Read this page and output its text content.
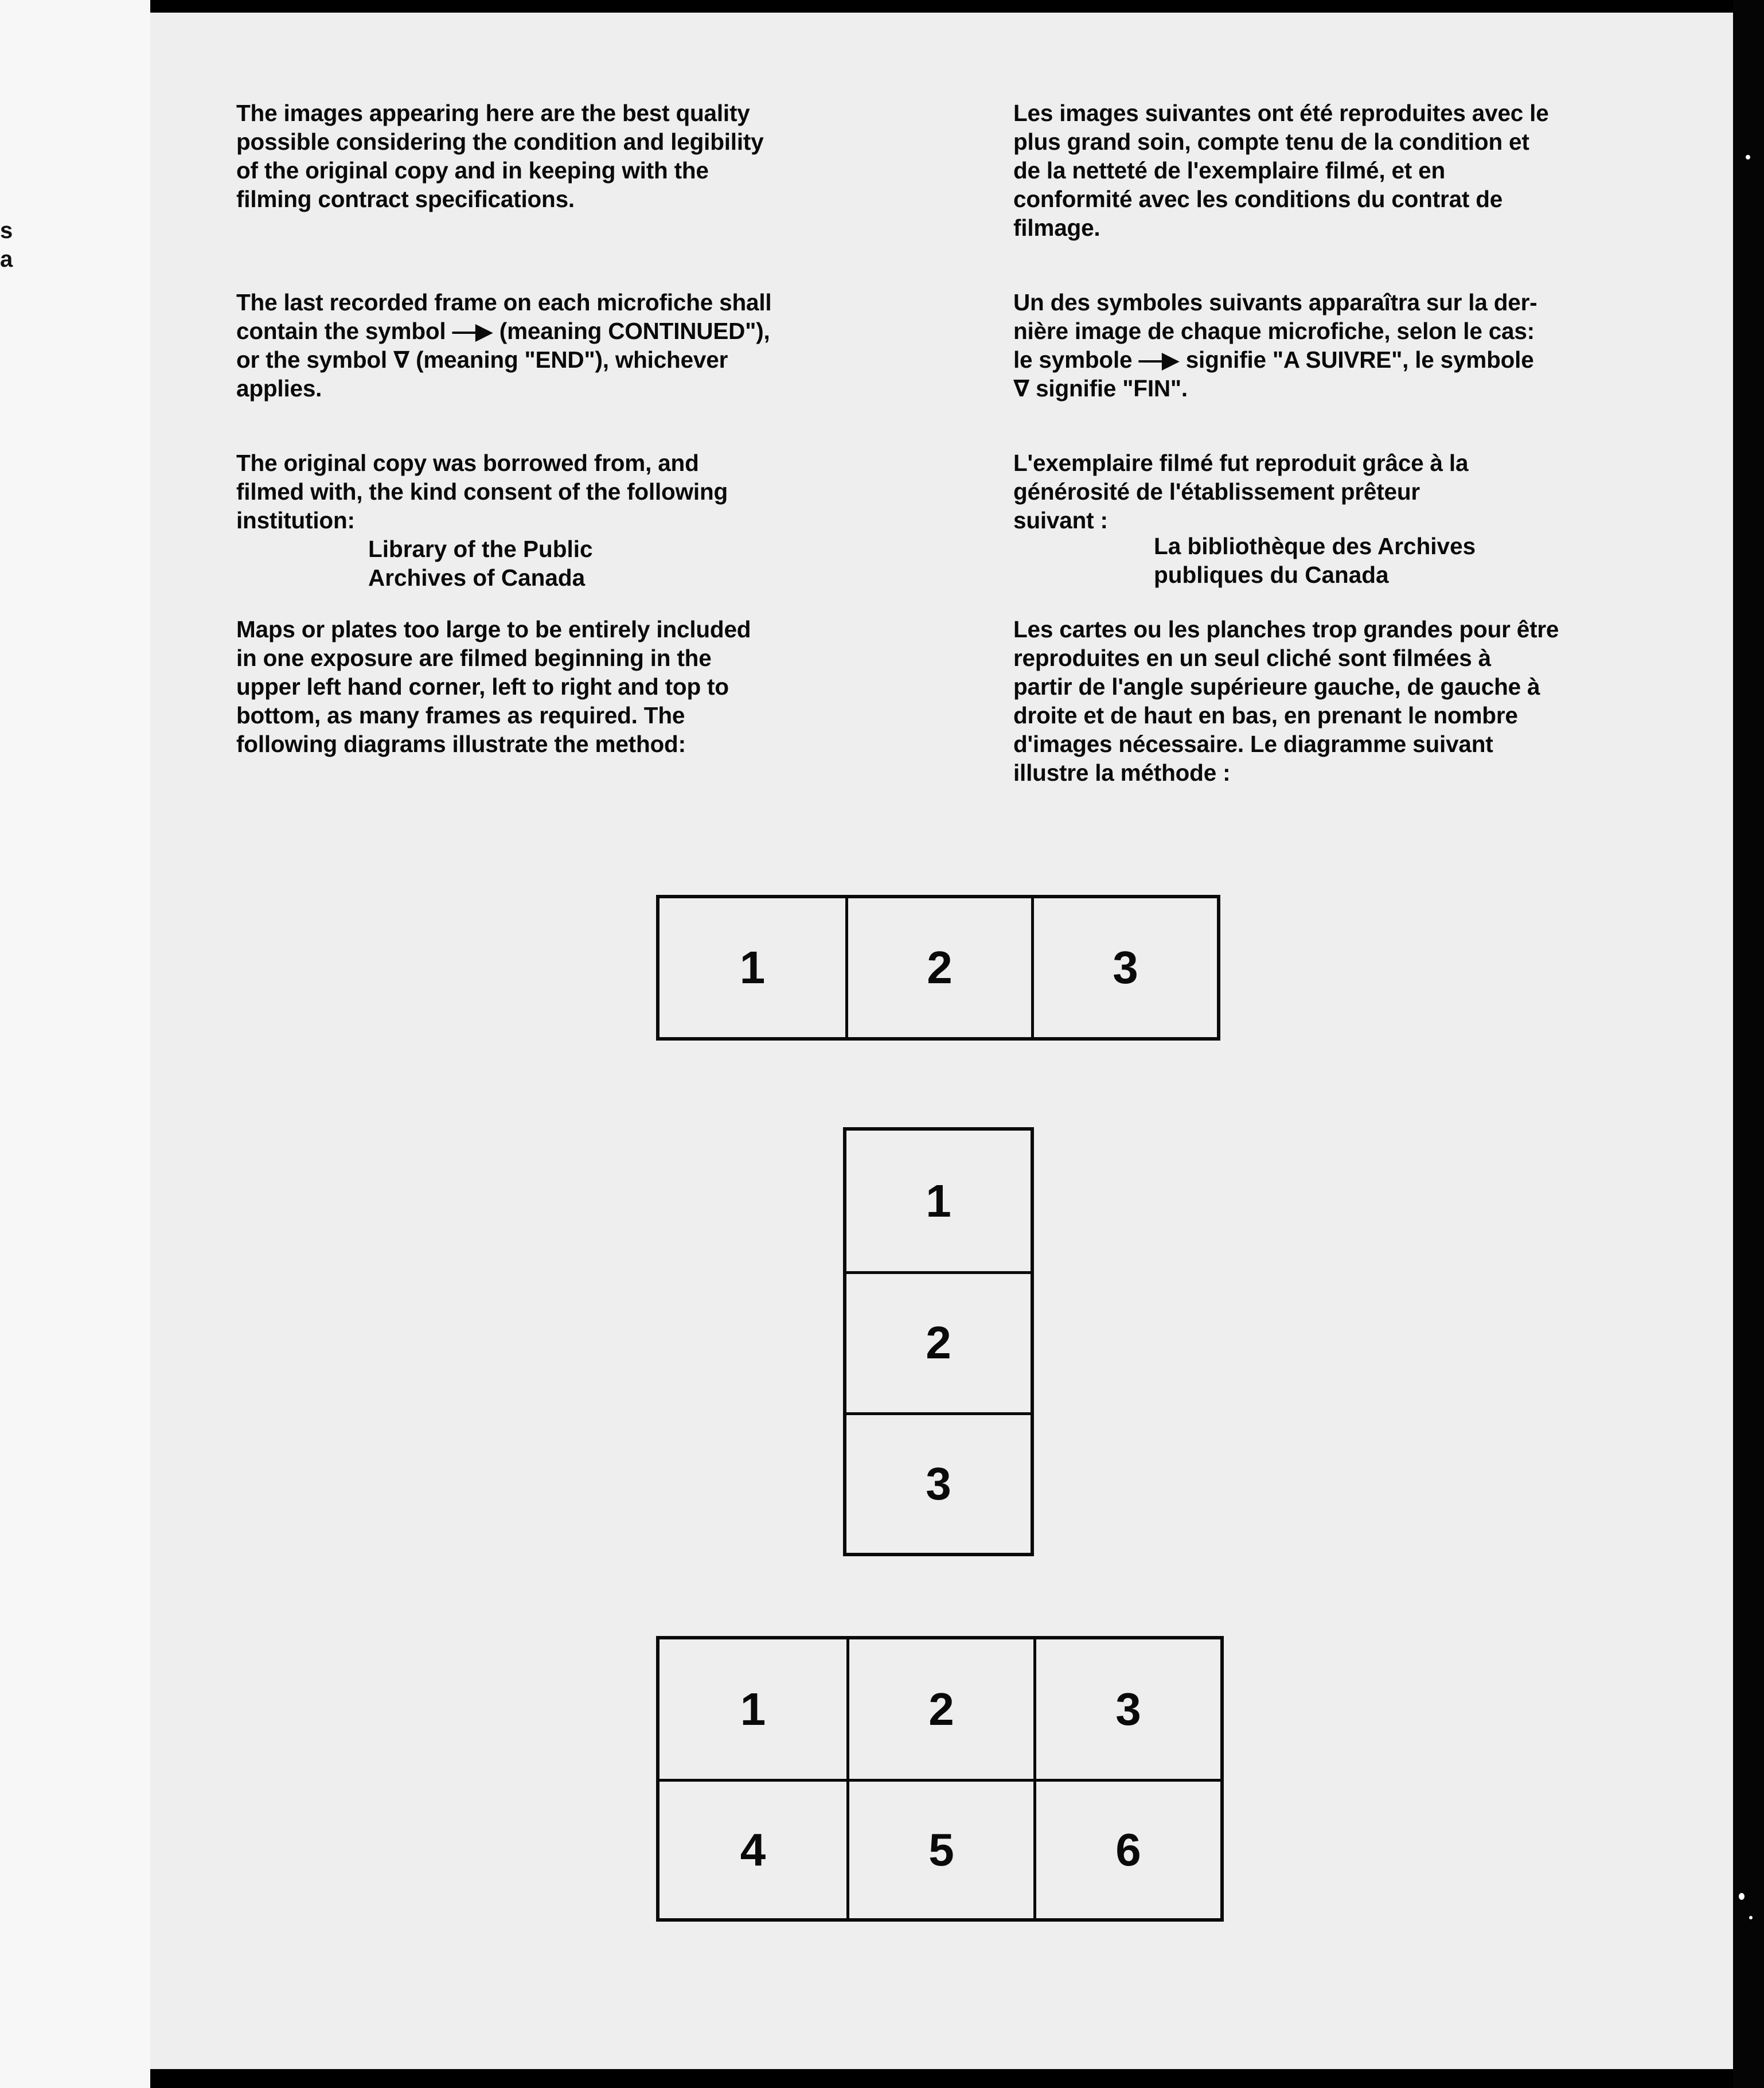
s
a
The images appearing here are the best quality
possible considering the condition and legibility
of the original copy and in keeping with the
filming contract specifications.
The last recorded frame on each microfiche shall
contain the symbol —▶ (meaning CONTINUED"),
or the symbol ∇ (meaning "END"), whichever
applies.
The original copy was borrowed from, and
filmed with, the kind consent of the following
institution:
Library of the Public
Archives of Canada
Maps or plates too large to be entirely included
in one exposure are filmed beginning in the
upper left hand corner, left to right and top to
bottom, as many frames as required. The
following diagrams illustrate the method:
Les images suivantes ont été reproduites avec le
plus grand soin, compte tenu de la condition et
de la netteté de l'exemplaire filmé, et en
conformité avec les conditions du contrat de
filmage.
Un des symboles suivants apparaîtra sur la der-
nière image de chaque microfiche, selon le cas:
le symbole —▶ signifie "A SUIVRE", le symbole
∇ signifie "FIN".
L'exemplaire filmé fut reproduit grâce à la
générosité de l'établissement prêteur
suivant :
La bibliothèque des Archives
publiques du Canada
Les cartes ou les planches trop grandes pour être
reproduites en un seul cliché sont filmées à
partir de l'angle supérieure gauche, de gauche à
droite et de haut en bas, en prenant le nombre
d'images nécessaire. Le diagramme suivant
illustre la méthode :
1	2	3
1
2
3
1	2	3
4	5	6
